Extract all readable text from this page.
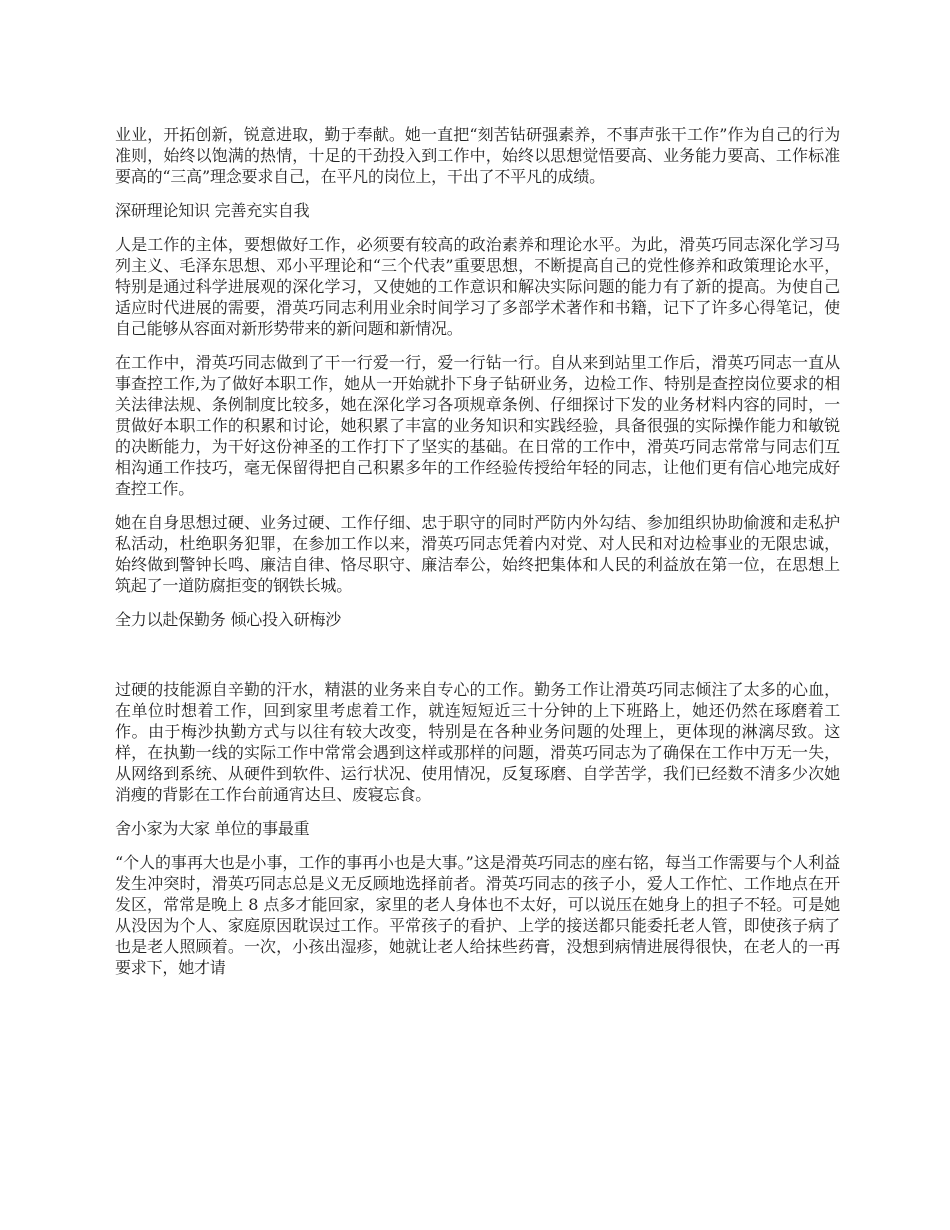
业业，开拓创新，锐意进取，勤于奉献。她一直把“刻苦钻研强素养，不事声张干工作”作为自己的行为准则，始终以饱满的热情，十足的干劲投入到工作中，始终以思想觉悟要高、业务能力要高、工作标准要高的“三高”理念要求自己，在平凡的岗位上，干出了不平凡的成绩。

深研理论知识 完善充实自我

人是工作的主体，要想做好工作，必须要有较高的政治素养和理论水平。为此，滑英巧同志深化学习马列主义、毛泽东思想、邓小平理论和“三个代表”重要思想，不断提高自己的党性修养和政策理论水平，特别是通过科学进展观的深化学习，又使她的工作意识和解决实际问题的能力有了新的提高。为使自己适应时代进展的需要，滑英巧同志利用业余时间学习了多部学术著作和书籍，记下了许多心得笔记，使自己能够从容面对新形势带来的新问题和新情况。

在工作中，滑英巧同志做到了干一行爱一行，爱一行钻一行。自从来到站里工作后，滑英巧同志一直从事查控工作,为了做好本职工作，她从一开始就扑下身子钻研业务，边检工作、特别是查控岗位要求的相关法律法规、条例制度比较多，她在深化学习各项规章条例、仔细探讨下发的业务材料内容的同时，一贯做好本职工作的积累和讨论，她积累了丰富的业务知识和实践经验，具备很强的实际操作能力和敏锐的决断能力，为干好这份神圣的工作打下了坚实的基础。在日常的工作中，滑英巧同志常常与同志们互相沟通工作技巧，毫无保留得把自己积累多年的工作经验传授给年轻的同志，让他们更有信心地完成好查控工作。

她在自身思想过硬、业务过硬、工作仔细、忠于职守的同时严防内外勾结、参加组织协助偷渡和走私护私活动，杜绝职务犯罪，在参加工作以来，滑英巧同志凭着内对党、对人民和对边检事业的无限忠诚，始终做到警钟长鸣、廉洁自律、恪尽职守、廉洁奉公，始终把集体和人民的利益放在第一位，在思想上筑起了一道防腐拒变的钢铁长城。

全力以赴保勤务 倾心投入研梅沙

过硬的技能源自辛勤的汗水，精湛的业务来自专心的工作。勤务工作让滑英巧同志倾注了太多的心血，在单位时想着工作，回到家里考虑着工作，就连短短近三十分钟的上下班路上，她还仍然在琢磨着工作。由于梅沙执勤方式与以往有较大改变，特别是在各种业务问题的处理上，更体现的淋漓尽致。这样，在执勤一线的实际工作中常常会遇到这样或那样的问题，滑英巧同志为了确保在工作中万无一失，从网络到系统、从硬件到软件、运行状况、使用情况，反复琢磨、自学苦学，我们已经数不清多少次她消瘦的背影在工作台前通宵达旦、废寝忘食。

舍小家为大家 单位的事最重

“个人的事再大也是小事，工作的事再小也是大事。”这是滑英巧同志的座右铭，每当工作需要与个人利益发生冲突时，滑英巧同志总是义无反顾地选择前者。滑英巧同志的孩子小，爱人工作忙、工作地点在开发区，常常是晚上 8 点多才能回家，家里的老人身体也不太好，可以说压在她身上的担子不轻。可是她从没因为个人、家庭原因耽误过工作。平常孩子的看护、上学的接送都只能委托老人管，即使孩子病了也是老人照顾着。一次，小孩出湿疹，她就让老人给抹些药膏，没想到病情进展得很快，在老人的一再要求下，她才请
